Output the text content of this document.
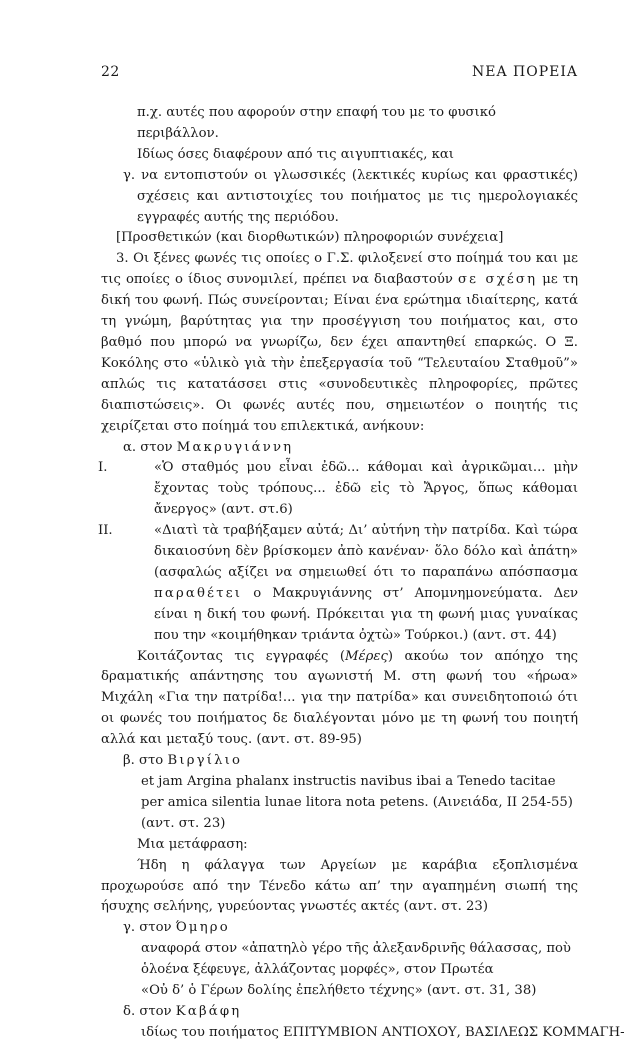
22	ΝΕΑ ΠΟΡΕΙΑ

π.χ. αυτές που αφορούν στην επαφή του με το φυσικό περιβάλλον.

Ιδίως όσες διαφέρουν από τις αιγυπτιακές, και

γ. να εντοπιστούν οι γλωσσικές (λεκτικές κυρίως και φραστικές) σχέσεις και αντιστοιχίες του ποιήματος με τις ημερολογιακές εγγραφές αυτής της περιόδου.

[Προσθετικών (και διορθωτικών) πληροφοριών συνέχεια]

3. Οι ξένες φωνές τις οποίες ο Γ.Σ. φιλοξενεί στο ποίημά του και με τις οποίες ο ίδιος συνομιλεί, πρέπει να διαβαστούν σε σχέση με τη δική του φωνή. Πώς συνείρονται; Είναι ένα ερώτημα ιδιαίτερης, κατά τη γνώμη, βαρύτητας για την προσέγγιση του ποιήματος και, στο βαθμό που μπορώ να γνωρίζω, δεν έχει απαντηθεί επαρκώς. Ο Ξ. Κοκόλης στο «ὑλικὸ γιὰ τὴν ἐπεξεργασία τοῦ “Τελευταίου Σταθμοῦ”» απλώς τις κατατάσσει στις «συνοδευτικὲς πληροφορίες, πρῶτες διαπιστώσεις». Οι φωνές αυτές που, σημειωτέον ο ποιητής τις χειρίζεται στο ποίημά του επιλεκτικά, ανήκουν:

α. στον Μακρυγιάννη

Ι.	«Ὁ σταθμός μου εἶναι ἐδῶ... κάθομαι καὶ ἀγρικῶμαι... μὴν ἔχοντας τοὺς τρόπους... ἐδῶ εἰς τὸ Ἄργος, ὅπως κάθομαι ἄνεργος» (αντ. στ.6)

ΙΙ.	«Διατὶ τὰ τραβήξαμεν αὐτά; Δι’ αὐτήνη τὴν πατρίδα. Καὶ τώρα δικαιοσύνη δὲν βρίσκομεν ἀπὸ κανέναν· ὅλο δόλο καὶ ἀπάτη» (ασφαλώς αξίζει να σημειωθεί ότι το παραπάνω απόσπασμα παραθέτει ο Μακρυγιάννης στ’ Απομνημονεύματα. Δεν είναι η δική του φωνή. Πρόκειται για τη φωνή μιας γυναίκας που την «κοιμήθηκαν τριάντα ὀχτὼ» Τούρκοι.) (αντ. στ. 44)

Κοιτάζοντας τις εγγραφές (Μέρες) ακούω τον απόηχο της δραματικής απάντησης του αγωνιστή Μ. στη φωνή του «ήρωα» Μιχάλη «Για την πατρίδα!... για την πατρίδα» και συνειδητοποιώ ότι οι φωνές του ποιήματος δε διαλέγονται μόνο με τη φωνή του ποιητή αλλά και μεταξύ τους. (αντ. στ. 89-95)

β. στο Βιργίλιο

et jam Argina phalanx instructis navibus ibai a Tenedo tacitae per amica silentia lunae litora nota petens. (Αινειάδα, ΙΙ 254-55) (αντ. στ. 23)

Μια μετάφραση:

Ήδη η φάλαγγα των Αργείων με καράβια εξοπλισμένα προχωρούσε από την Τένεδο κάτω απ’ την αγαπημένη σιωπή της ήσυχης σελήνης, γυρεύοντας γνωστές ακτές (αντ. στ. 23)

γ. στον Όμηρο

αναφορά στον «ἀπατηλὸ γέρο τῆς ἀλεξανδρινῆς θάλασσας, ποὺ ὁλοένα ξέφευγε, ἀλλάζοντας μορφές», στον Πρωτέα

«Οὐ δ’ ὁ Γέρων δολίης ἐπελήθετο τέχνης» (αντ. στ. 31, 38)

δ. στον Καβάφη

ιδίως του ποιήματος ΕΠΙΤΥΜΒΙΟΝ ΑΝΤΙΟΧΟΥ, ΒΑΣΙΛΕΩΣ ΚΟΜΜΑΓΗ-
